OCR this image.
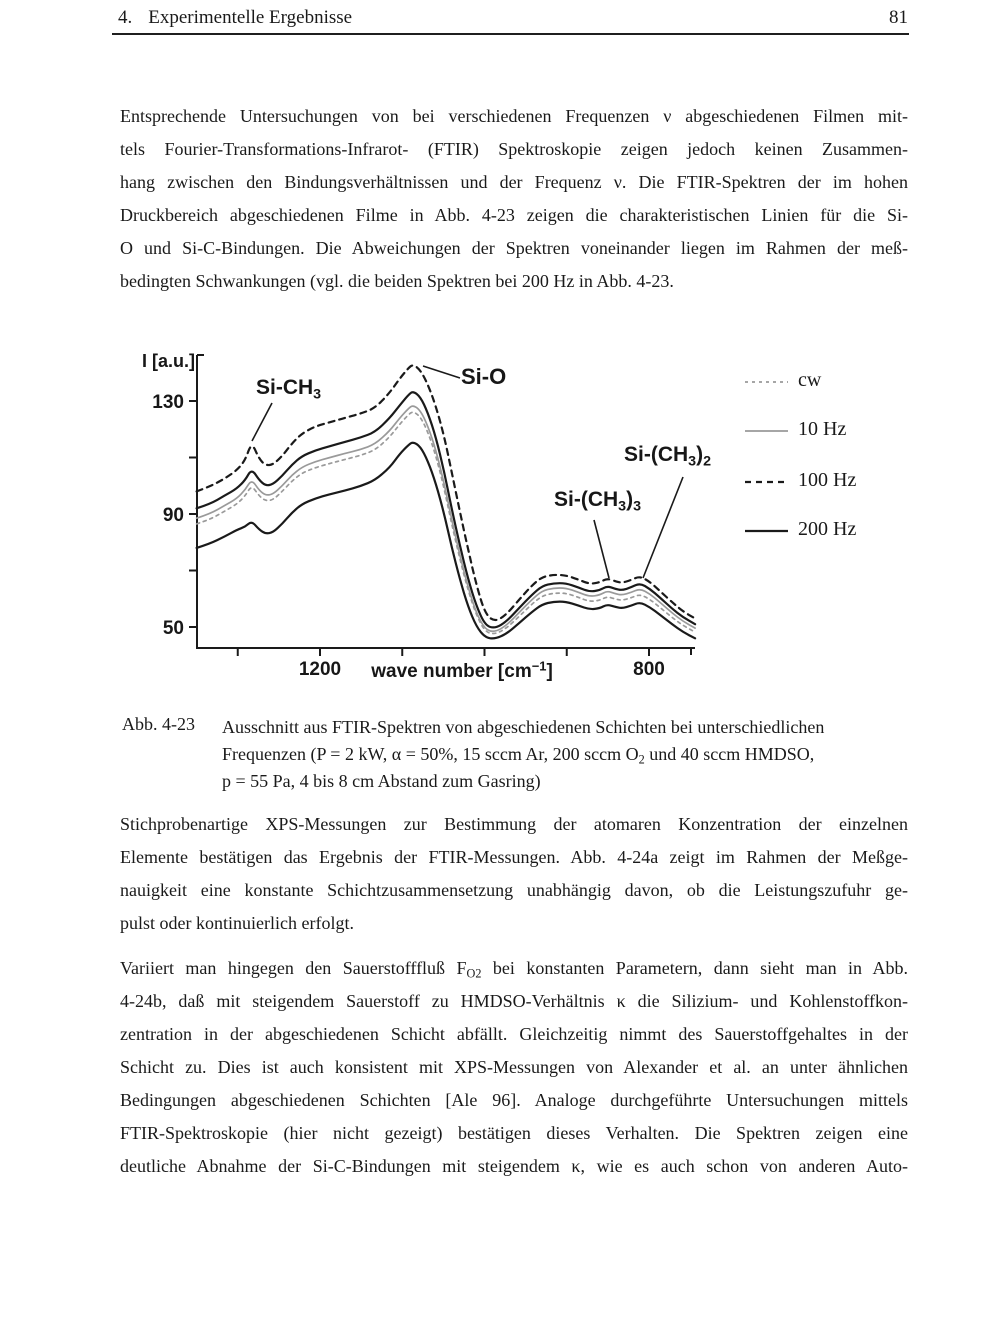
4. Experimentelle Ergebnisse	81
Entsprechende Untersuchungen von bei verschiedenen Frequenzen ν abgeschiedenen Filmen mit-
tels Fourier-Transformations-Infrarot- (FTIR) Spektroskopie zeigen jedoch keinen Zusammen-
hang zwischen den Bindungsverhältnissen und der Frequenz ν. Die FTIR-Spektren der im hohen
Druckbereich abgeschiedenen Filme in Abb. 4-23 zeigen die charakteristischen Linien für die Si-
O und Si-C-Bindungen. Die Abweichungen der Spektren voneinander liegen im Rahmen der meß-
bedingten Schwankungen (vgl. die beiden Spektren bei 200 Hz in Abb. 4-23.
130
90
50
1200	800
I [a.u.]
$Si-CH_3$
Si-O
$Si-(CH_3)_2$
$Si-(CH_3)_3$
wave number $[cm^{-1}]$
cw
10 Hz
100 Hz
200 Hz
Abb. 4-23 Ausschnitt aus FTIR-Spektren von abgeschiedenen Schichten bei unterschiedlichen
Frequenzen (P = 2 kW, α = 50%, 15 sccm Ar, 200 sccm $O_2$ und 40 sccm HMDSO,
p = 55 Pa, 4 bis 8 cm Abstand zum Gasring)
Stichprobenartige XPS-Messungen zur Bestimmung der atomaren Konzentration der einzelnen
Elemente bestätigen das Ergebnis der FTIR-Messungen. Abb. 4-24a zeigt im Rahmen der Meßge-
nauigkeit eine konstante Schichtzusammensetzung unabhängig davon, ob die Leistungszufuhr ge-
pulst oder kontinuierlich erfolgt.
Variiert man hingegen den Sauerstofffluß $F_{O2}$ bei konstanten Parametern, dann sieht man in Abb.
4-24b, daß mit steigendem Sauerstoff zu HMDSO-Verhältnis κ die Silizium- und Kohlenstoffkon-
zentration in der abgeschiedenen Schicht abfällt. Gleichzeitig nimmt des Sauerstoffgehaltes in der
Schicht zu. Dies ist auch konsistent mit XPS-Messungen von Alexander et al. an unter ähnlichen
Bedingungen abgeschiedenen Schichten [Ale 96]. Analoge durchgeführte Untersuchungen mittels
FTIR-Spektroskopie (hier nicht gezeigt) bestätigen dieses Verhalten. Die Spektren zeigen eine
deutliche Abnahme der Si-C-Bindungen mit steigendem κ, wie es auch schon von anderen Auto-
